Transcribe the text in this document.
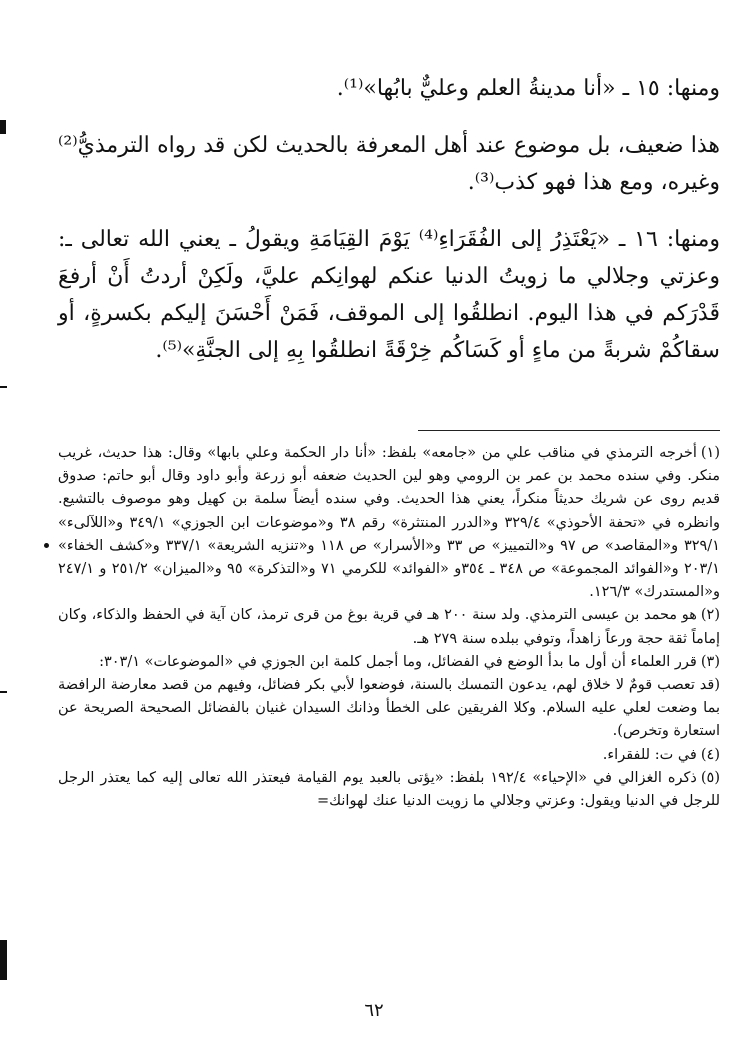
ومنها: ١٥ ـ «أنا مدينةُ العلم وعليٌّ بابُها»⁽¹⁾.

هذا ضعيف، بل موضوع عند أهل المعرفة بالحديث لكن قد رواه الترمذيُّ⁽²⁾ وغيره، ومع هذا فهو كذب⁽³⁾.

ومنها: ١٦ ـ «يَعْتَذِرُ إلى الفُقَرَاءِ⁽⁴⁾ يَوْمَ القِيَامَةِ ويقولُ ـ يعني الله تعالى ـ: وعزتي وجلالي ما زويتُ الدنيا عنكم لهوانِكم عليَّ، ولَكِنْ أردتُ أَنْ أرفعَ قَدْرَكم في هذا اليوم. انطلقُوا إلى الموقف، فَمَنْ أَحْسَنَ إليكم بكسرةٍ، أو سقاكُمْ شربةً من ماءٍ أو كَسَاكُم خِرْقَةً انطلقُوا بِهِ إلى الجنَّةِ»⁽⁵⁾.

(١)أخرجه الترمذي في مناقب علي من «جامعه» بلفظ: «أنا دار الحكمة وعلي بابها» وقال: هذا حديث، غريب منكر. وفي سنده محمد بن عمر بن الرومي وهو لين الحديث ضعفه أبو زرعة وأبو داود وقال أبو حاتم: صدوق قديم روى عن شريك حديثاً منكراً، يعني هذا الحديث. وفي سنده أيضاً سلمة بن كهيل وهو موصوف بالتشيع. وانظره في «تحفة الأحوذي» ٣٢٩/٤ و«الدرر المنتثرة» رقم ٣٨ و«موضوعات ابن الجوزي» ٣٤٩/١ و«اللآلىء» ٣٢٩/١ و«المقاصد» ص ٩٧ و«التمييز» ص ٣٣ و«الأسرار» ص ١١٨ و«تنزيه الشريعة» ٣٣٧/١ و«كشف الخفاء» ٢٠٣/١ و«الفوائد المجموعة» ص ٣٤٨ ـ ٣٥٤و «الفوائد» للكرمي ٧١ و«التذكرة» ٩٥ و«الميزان» ٢٥١/٢ و ٢٤٧/١ و«المستدرك» ١٢٦/٣.

(٢)هو محمد بن عيسى الترمذي. ولد سنة ٢٠٠ هـ في قرية بوغ من قرى ترمذ، كان آية في الحفظ والذكاء، وكان إماماً ثقة حجة ورعاً زاهداً، وتوفي ببلده سنة ٢٧٩ هـ.

(٣)قرر العلماء أن أول ما بدأ الوضع في الفضائل، وما أجمل كلمة ابن الجوزي في «الموضوعات» ٣٠٣/١:

(قد تعصب قومٌ لا خلاق لهم، يدعون التمسك بالسنة، فوضعوا لأبي بكر فضائل، وفيهم من قصد معارضة الرافضة بما وضعت لعلي عليه السلام. وكلا الفريقين على الخطأ وذانك السيدان غنيان بالفضائل الصحيحة الصريحة عن استعارة وتخرص).

(٤)في ت: للفقراء.

(٥)ذكره الغزالي في «الإحياء» ١٩٢/٤ بلفظ: «يؤتى بالعبد يوم القيامة فيعتذر الله تعالى إليه كما يعتذر الرجل للرجل في الدنيا ويقول: وعزتي وجلالي ما زويت الدنيا عنك لهوانك=

٦٢
